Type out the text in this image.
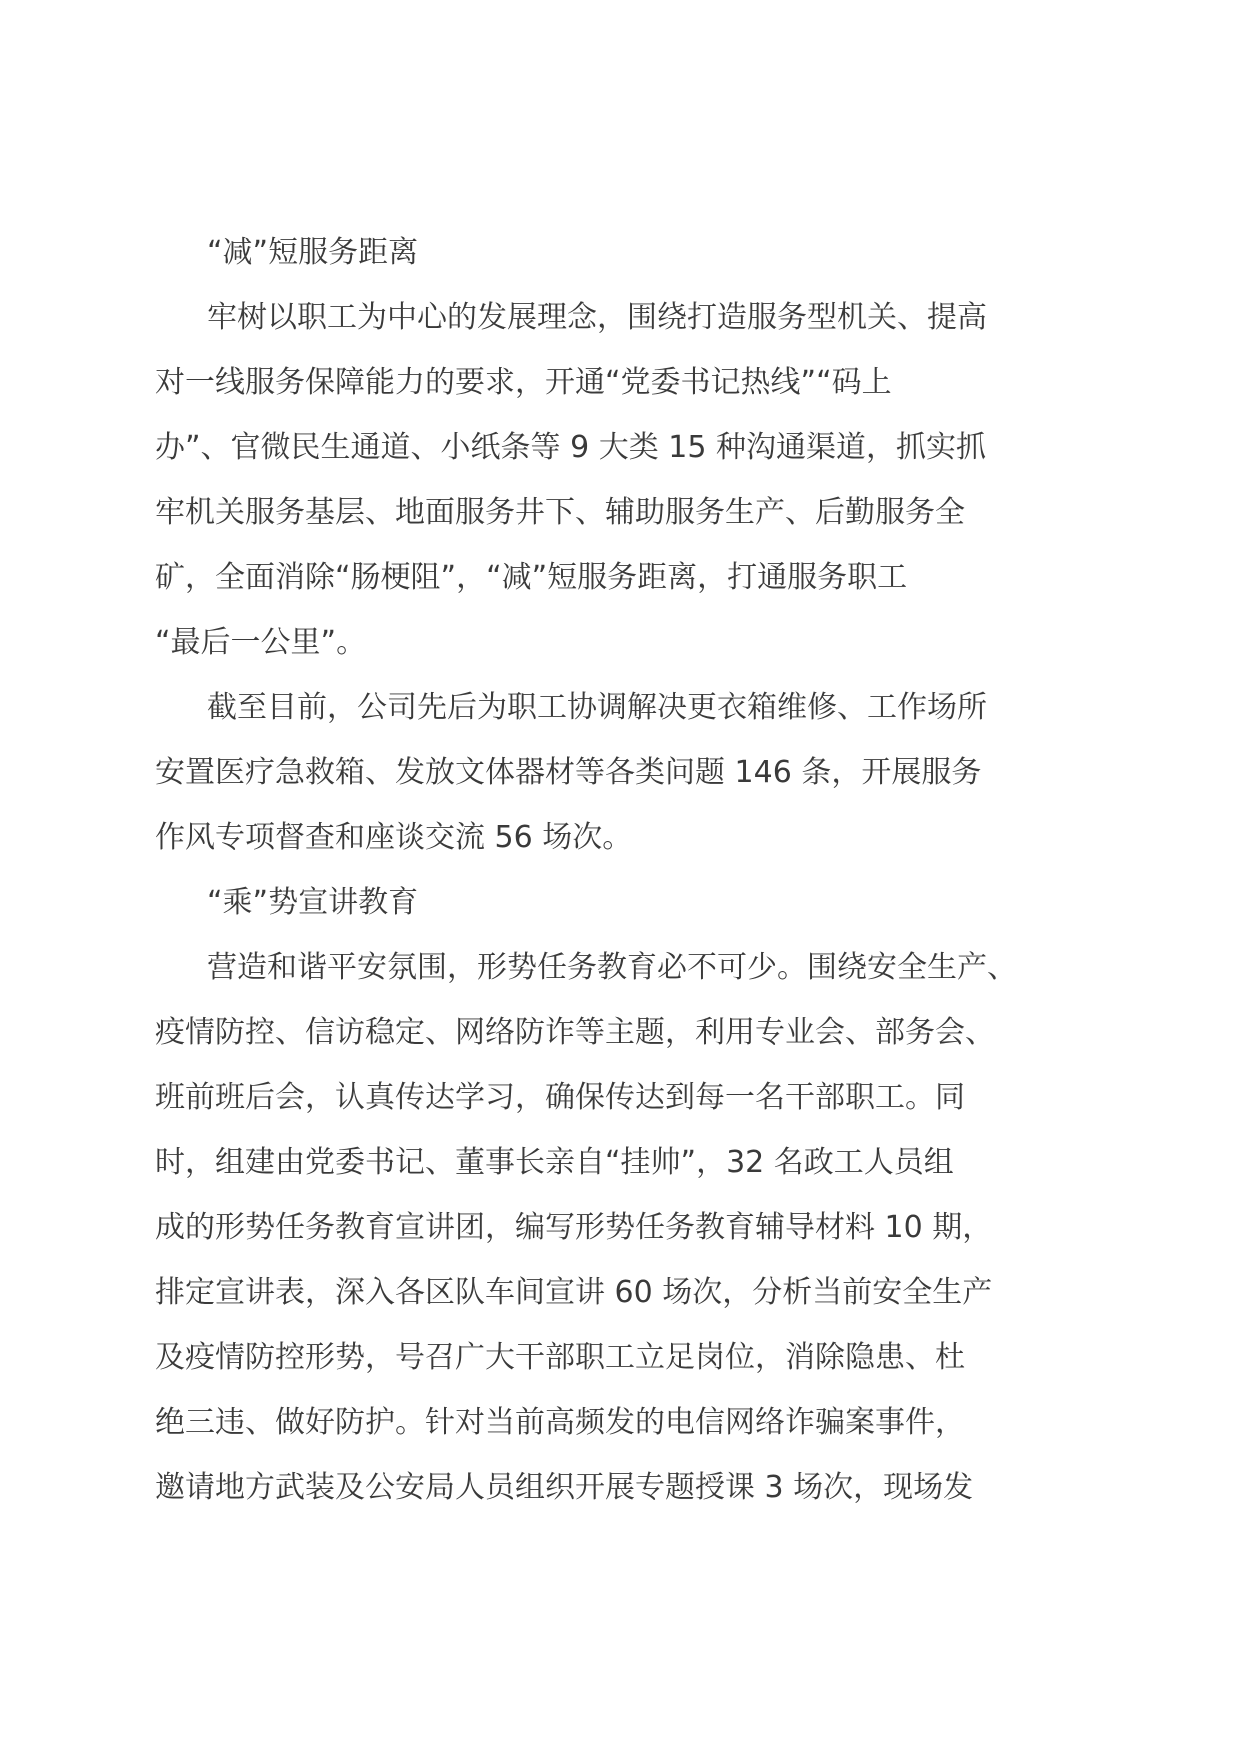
“减”短服务距离
牢树以职工为中心的发展理念，围绕打造服务型机关、提高
对一线服务保障能力的要求，开通“党委书记热线”“码上
办”、官微民生通道、小纸条等 9 大类 15 种沟通渠道，抓实抓
牢机关服务基层、地面服务井下、辅助服务生产、后勤服务全
矿，全面消除“肠梗阻”，“减”短服务距离，打通服务职工
“最后一公里”。
截至目前，公司先后为职工协调解决更衣箱维修、工作场所
安置医疗急救箱、发放文体器材等各类问题 146 条，开展服务
作风专项督查和座谈交流 56 场次。
“乘”势宣讲教育
营造和谐平安氛围，形势任务教育必不可少。围绕安全生产、
疫情防控、信访稳定、网络防诈等主题，利用专业会、部务会、
班前班后会，认真传达学习，确保传达到每一名干部职工。同
时，组建由党委书记、董事长亲自“挂帅”，32 名政工人员组
成的形势任务教育宣讲团，编写形势任务教育辅导材料 10 期，
排定宣讲表，深入各区队车间宣讲 60 场次，分析当前安全生产
及疫情防控形势，号召广大干部职工立足岗位，消除隐患、杜
绝三违、做好防护。针对当前高频发的电信网络诈骗案事件，
邀请地方武装及公安局人员组织开展专题授课 3 场次，现场发
